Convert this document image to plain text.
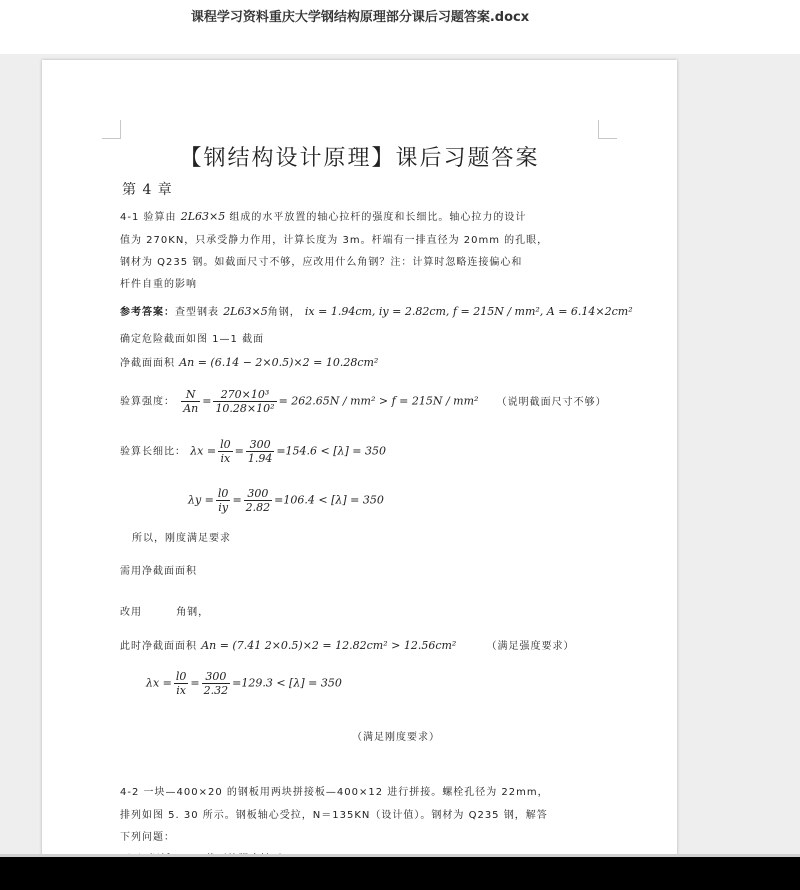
课程学习资料重庆大学钢结构原理部分课后习题答案.docx
【钢结构设计原理】课后习题答案
第 4 章
4-1 验算由 2L63×5 组成的水平放置的轴心拉杆的强度和长细比。轴心拉力的设计
值为 270KN，只承受静力作用，计算长度为 3m。杆端有一排直径为 20mm 的孔眼，
钢材为 Q235 钢。如截面尺寸不够，应改用什么角钢？注：计算时忽略连接偏心和
杆件自重的影响
参考答案：查型钢表 2L63×5角钢， ix = 1.94cm, iy = 2.82cm, f = 215N / mm², A = 6.14×2cm²
确定危险截面如图 1—1 截面
净截面面积 An = (6.14 − 2×0.5)×2 = 10.28cm²
验算强度： $\frac{N}{An} = \frac{\text{270×10³}}{\text{10.28×10²}} = 262.65N / mm^2 > f = 215N / mm^2$ （说明截面尺寸不够）
验算长细比： $\lambda x = \frac{l0}{ix} = \frac{300}{1.94} =154.6 < [\lambda] = 350$
$\lambda y = \frac{l0}{iy} = \frac{300}{2.82} =106.4 < [\lambda] = 350$
所以，刚度满足要求
需用净截面面积
改用	角钢，
此时净截面面积 An = (7.41 2×0.5)×2 = 12.82cm² > 12.56cm²	（满足强度要求）
$\lambda x = \frac{l0}{ix} = \frac{300}{2.32} =129.3 < [\lambda] = 350$
（满足刚度要求）
4-2 一块—400×20 的钢板用两块拼接板—400×12 进行拼接。螺栓孔径为 22mm，
排列如图 5. 30 所示。钢板轴心受拉，N＝135KN（设计值）。钢材为 Q235 钢，解答
下列问题：
